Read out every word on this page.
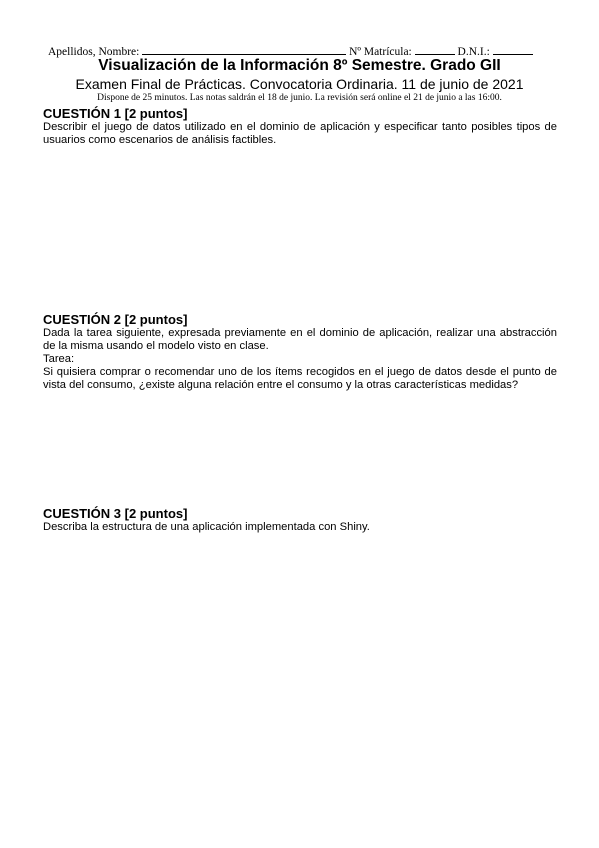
Apellidos, Nombre:	Nº Matrícula:	D.N.I.:
Visualización de la Información 8º Semestre. Grado GII
Examen Final de Prácticas. Convocatoria Ordinaria. 11 de junio de 2021
Dispone de 25 minutos. Las notas saldrán el 18 de junio. La revisión será online el 21 de junio a las 16:00.
CUESTIÓN 1 [2 puntos]

Describir el juego de datos utilizado en el dominio de aplicación y especificar tanto posibles tipos de usuarios como escenarios de análisis factibles.

CUESTIÓN 2 [2 puntos]

Dada la tarea siguiente, expresada previamente en el dominio de aplicación, realizar una abstracción de la misma usando el modelo visto en clase.

Tarea:

Si quisiera comprar o recomendar uno de los ítems recogidos en el juego de datos desde el punto de vista del consumo, ¿existe alguna relación entre el consumo y la otras características medidas?

CUESTIÓN 3 [2 puntos]

Describa la estructura de una aplicación implementada con Shiny.
